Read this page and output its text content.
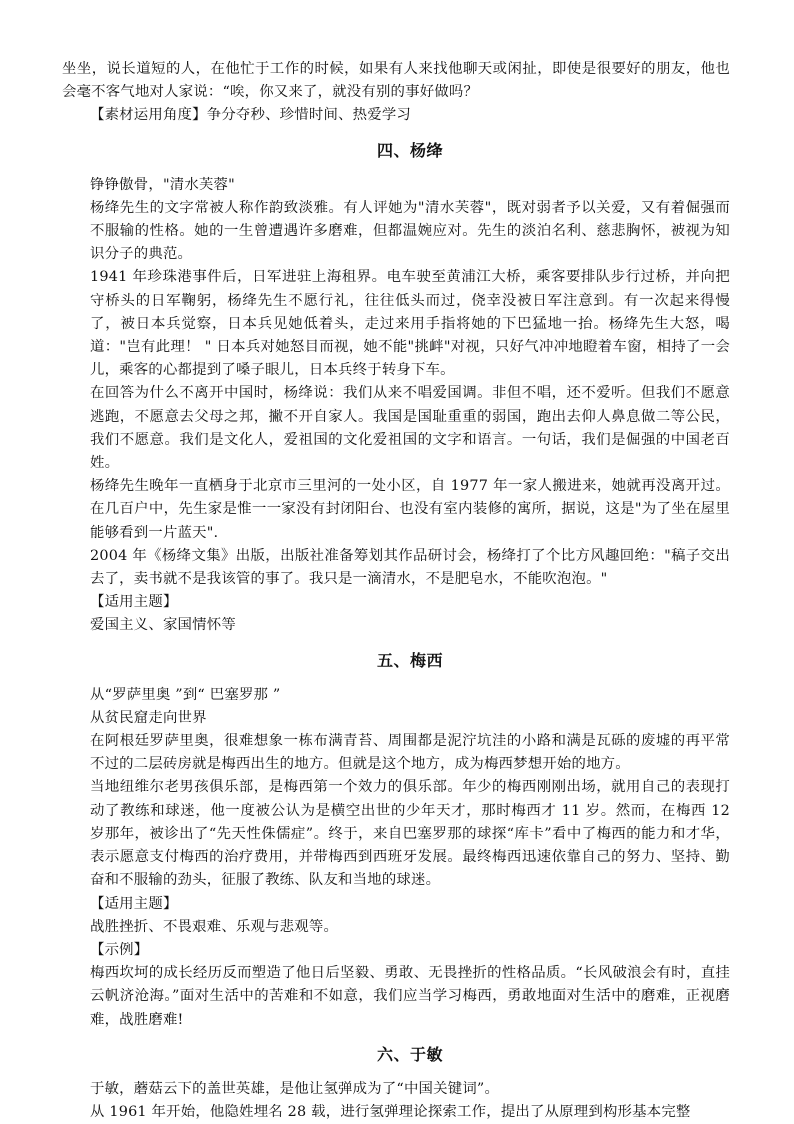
坐坐，说长道短的人，在他忙于工作的时候，如果有人来找他聊天或闲扯，即使是很要好的朋友，他也会毫不客气地对人家说：“唉，你又来了，就没有别的事好做吗？

【素材运用角度】争分夺秒、珍惜时间、热爱学习

四、杨绛

铮铮傲骨，"清水芙蓉"

杨绛先生的文字常被人称作韵致淡雅。有人评她为"清水芙蓉"，既对弱者予以关爱，又有着倔强而不服输的性格。她的一生曾遭遇许多磨难，但都温婉应对。先生的淡泊名利、慈悲胸怀，被视为知识分子的典范。

1941 年珍珠港事件后，日军进驻上海租界。电车驶至黄浦江大桥，乘客要排队步行过桥，并向把守桥头的日军鞠躬，杨绛先生不愿行礼，往往低头而过，侥幸没被日军注意到。有一次起来得慢了，被日本兵觉察，日本兵见她低着头，走过来用手指将她的下巴猛地一抬。杨绛先生大怒，喝道："岂有此理！ " 日本兵对她怒目而视，她不能"挑衅"对视，只好气冲冲地瞪着车窗，相持了一会儿，乘客的心都提到了嗓子眼儿，日本兵终于转身下车。

在回答为什么不离开中国时，杨绛说：我们从来不唱爱国调。非但不唱，还不爱听。但我们不愿意逃跑，不愿意去父母之邦，撇不开自家人。我国是国耻重重的弱国，跑出去仰人鼻息做二等公民，我们不愿意。我们是文化人，爱祖国的文化爱祖国的文字和语言。一句话，我们是倔强的中国老百姓。

杨绛先生晚年一直栖身于北京市三里河的一处小区，自 1977 年一家人搬进来，她就再没离开过。在几百户中，先生家是惟一一家没有封闭阳台、也没有室内装修的寓所，据说，这是"为了坐在屋里能够看到一片蓝天".

2004 年《杨绛文集》出版，出版社准备筹划其作品研讨会，杨绛打了个比方风趣回绝："稿子交出去了，卖书就不是我该管的事了。我只是一滴清水，不是肥皂水，不能吹泡泡。"

【适用主题】

爱国主义、家国情怀等

五、梅西

从“罗萨里奥 ”到“ 巴塞罗那 ”

从贫民窟走向世界

在阿根廷罗萨里奥，很难想象一栋布满青苔、周围都是泥泞坑洼的小路和满是瓦砾的废墟的再平常不过的二层砖房就是梅西出生的地方。但就是这个地方，成为梅西梦想开始的地方。

当地纽维尔老男孩俱乐部，是梅西第一个效力的俱乐部。年少的梅西刚刚出场，就用自己的表现打动了教练和球迷，他一度被公认为是横空出世的少年天才，那时梅西才 11 岁。然而，在梅西 12 岁那年，被诊出了“先天性侏儒症”。终于，来自巴塞罗那的球探“库卡”看中了梅西的能力和才华，表示愿意支付梅西的治疗费用，并带梅西到西班牙发展。最终梅西迅速依靠自己的努力、坚持、勤奋和不服输的劲头，征服了教练、队友和当地的球迷。

【适用主题】

战胜挫折、不畏艰难、乐观与悲观等。

【示例】

梅西坎坷的成长经历反而塑造了他日后坚毅、勇敢、无畏挫折的性格品质。“长风破浪会有时，直挂云帆济沧海。”面对生活中的苦难和不如意，我们应当学习梅西，勇敢地面对生活中的磨难，正视磨难，战胜磨难!

六、于敏

于敏，蘑菇云下的盖世英雄，是他让氢弹成为了“中国关键词”。

从 1961 年开始，他隐姓埋名 28 载，进行氢弹理论探索工作，提出了从原理到构形基本完整
